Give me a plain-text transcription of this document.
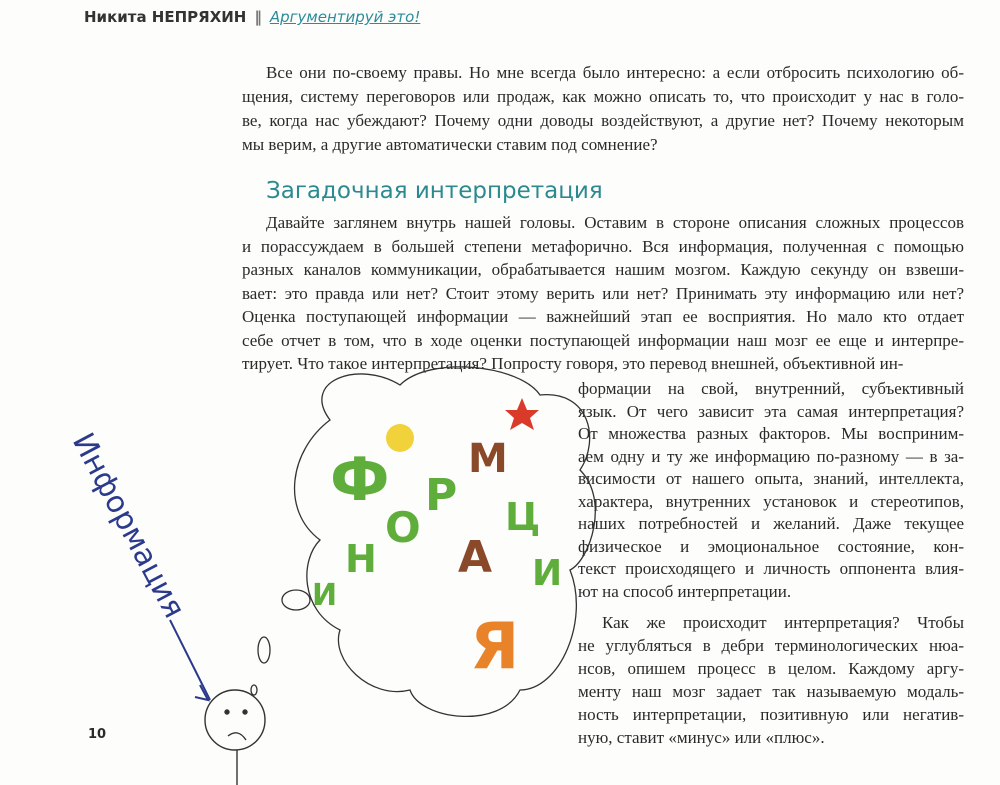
Никита НЕПРЯХИН ‖ Аргументируй это!
Все они по-своему правы. Но мне всегда было интересно: а если отбросить психологию об-
щения, систему переговоров или продаж, как можно описать то, что происходит у нас в голо-
ве, когда нас убеждают? Почему одни доводы воздействуют, а другие нет? Почему некоторым
мы верим, а другие автоматически ставим под сомнение?
Загадочная интерпретация
Давайте заглянем внутрь нашей головы. Оставим в стороне описания сложных процессов
и порассуждаем в большей степени метафорично. Вся информация, полученная с помощью
разных каналов коммуникации, обрабатывается нашим мозгом. Каждую секунду он взвеши-
вает: это правда или нет? Стоит этому верить или нет? Принимать эту информацию или нет?
Оценка поступающей информации — важнейший этап ее восприятия. Но мало кто отдает
себе отчет в том, что в ходе оценки поступающей информации наш мозг ее еще и интерпре-
тирует. Что такое интерпретация? Попросту говоря, это перевод внешней, объективной ин-
формации на свой, внутренний, субъективный
язык. От чего зависит эта самая интерпретация?
От множества разных факторов. Мы восприним-
аем одну и ту же информацию по-разному — в за-
висимости от нашего опыта, знаний, интеллекта,
характера, внутренних установок и стереотипов,
наших потребностей и желаний. Даже текущее
физическое и эмоциональное состояние, кон-
текст происходящего и личность оппонента влия-
ют на способ интерпретации.
Как же происходит интерпретация? Чтобы
не углубляться в дебри терминологических нюа-
нсов, опишем процесс в целом. Каждому аргу-
менту наш мозг задает так называемую модаль-
ность интерпретации, позитивную или негатив-
ную, ставит «минус» или «плюс».
Информация	И
Н
Ф
О
Р
М
А
Ц
И
Я
10
